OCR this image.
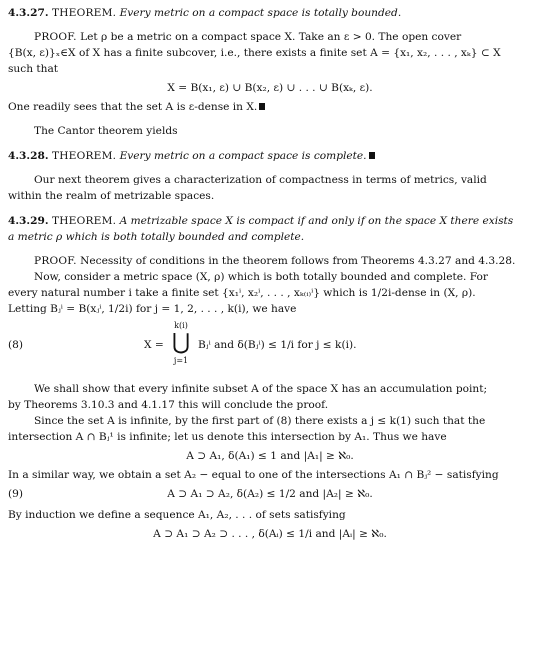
4.3.27. THEOREM. Every metric on a compact space is totally bounded.

PROOF. Let ρ be a metric on a compact space X. Take an ε > 0. The open cover

{B(x, ε)}ₓ∈X of X has a finite subcover, i.e., there exists a finite set A = {x₁, x₂, . . . , xₖ} ⊂ X

such that

X = B(x₁, ε) ∪ B(x₂, ε) ∪ . . . ∪ B(xₖ, ε).

One readily sees that the set A is ε-dense in X.

The Cantor theorem yields

4.3.28. THEOREM. Every metric on a compact space is complete.

Our next theorem gives a characterization of compactness in terms of metrics, valid

within the realm of metrizable spaces.

4.3.29. THEOREM. A metrizable space X is compact if and only if on the space X there exists

a metric ρ which is both totally bounded and complete.

PROOF. Necessity of conditions in the theorem follows from Theorems 4.3.27 and 4.3.28.

Now, consider a metric space (X, ρ) which is both totally bounded and complete. For

every natural number i take a finite set {x₁ⁱ, x₂ⁱ, . . . , xₖ₍ᵢ₎ⁱ} which is 1/2i-dense in (X, ρ).

Letting Bⱼⁱ = B(xⱼⁱ, 1/2i) for j = 1, 2, . . . , k(i), we have

(8)	X =
k(i)
⋃
j=1
Bⱼⁱ and δ(Bⱼⁱ) ≤ 1/i for j ≤ k(i).

We shall show that every infinite subset A of the space X has an accumulation point;

by Theorems 3.10.3 and 4.1.17 this will conclude the proof.

Since the set A is infinite, by the first part of (8) there exists a j ≤ k(1) such that the

intersection A ∩ Bⱼ¹ is infinite; let us denote this intersection by A₁. Thus we have

A ⊃ A₁, δ(A₁) ≤ 1 and |A₁| ≥ ℵ₀.

In a similar way, we obtain a set A₂ − equal to one of the intersections A₁ ∩ Bⱼ² − satisfying

A ⊃ A₁ ⊃ A₂, δ(A₂) ≤ 1/2 and |A₂| ≥ ℵ₀.
(9)

By induction we define a sequence A₁, A₂, . . . of sets satisfying

A ⊃ A₁ ⊃ A₂ ⊃ . . . , δ(Aᵢ) ≤ 1/i and |Aᵢ| ≥ ℵ₀.
